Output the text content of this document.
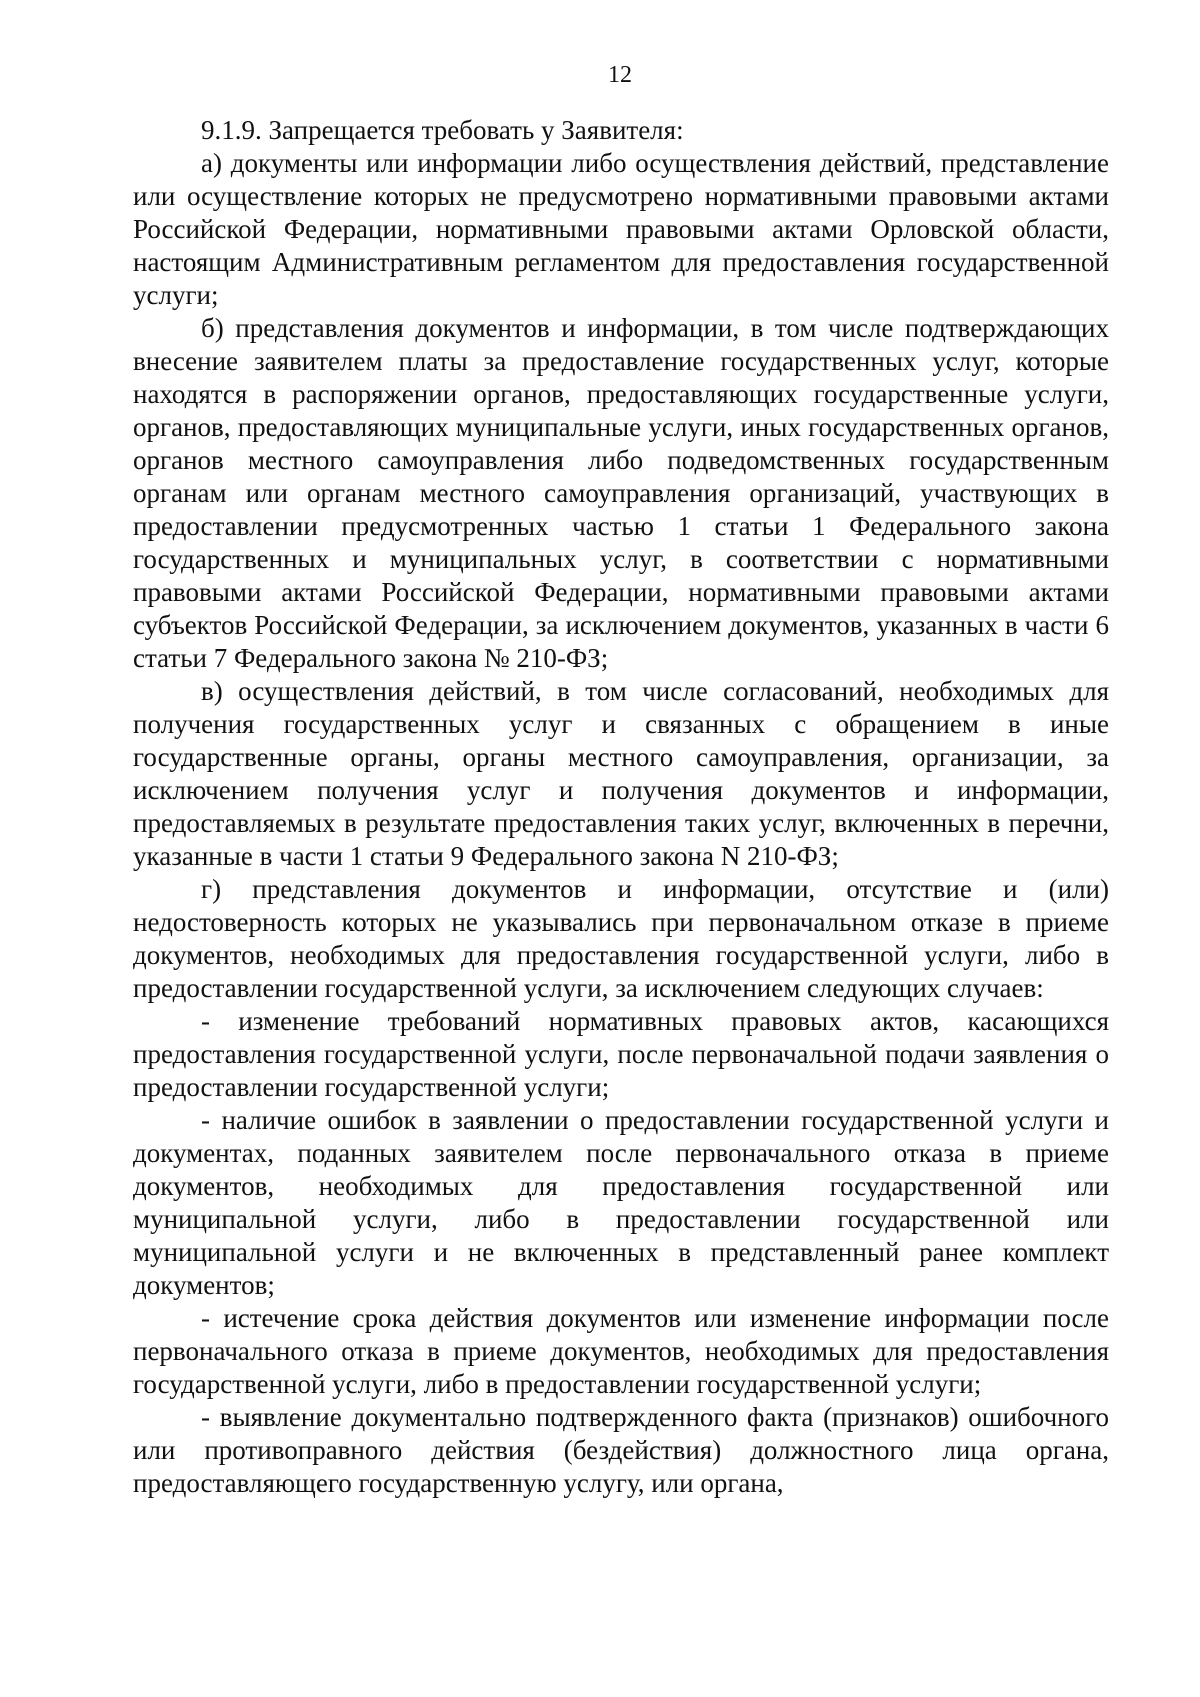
12

9.1.9. Запрещается требовать у Заявителя:

а) документы или информации либо осуществления действий, представление или осуществление которых не предусмотрено нормативными правовыми актами Российской Федерации, нормативными правовыми актами Орловской области, настоящим Административным регламентом для предоставления государственной услуги;

б) представления документов и информации, в том числе подтверждающих внесение заявителем платы за предоставление государственных услуг, которые находятся в распоряжении органов, предоставляющих государственные услуги, органов, предоставляющих муниципальные услуги, иных государственных органов, органов местного самоуправления либо подведомственных государственным органам или органам местного самоуправления организаций, участвующих в предоставлении предусмотренных частью 1 статьи 1 Федерального закона государственных и муниципальных услуг, в соответствии с нормативными правовыми актами Российской Федерации, нормативными правовыми актами субъектов Российской Федерации, за исключением документов, указанных в части 6 статьи 7 Федерального закона № 210-ФЗ;

в) осуществления действий, в том числе согласований, необходимых для получения государственных услуг и связанных с обращением в иные государственные органы, органы местного самоуправления, организации, за исключением получения услуг и получения документов и информации, предоставляемых в результате предоставления таких услуг, включенных в перечни, указанные в части 1 статьи 9 Федерального закона N 210-ФЗ;

г) представления документов и информации, отсутствие и (или) недостоверность которых не указывались при первоначальном отказе в приеме документов, необходимых для предоставления государственной услуги, либо в предоставлении государственной услуги, за исключением следующих случаев:

- изменение требований нормативных правовых актов, касающихся предоставления государственной услуги, после первоначальной подачи заявления о предоставлении государственной услуги;

- наличие ошибок в заявлении о предоставлении государственной услуги и документах, поданных заявителем после первоначального отказа в приеме документов, необходимых для предоставления государственной или муниципальной услуги, либо в предоставлении государственной или муниципальной услуги и не включенных в представленный ранее комплект документов;

- истечение срока действия документов или изменение информации после первоначального отказа в приеме документов, необходимых для предоставления государственной услуги, либо в предоставлении государственной услуги;

- выявление документально подтвержденного факта (признаков) ошибочного или противоправного действия (бездействия) должностного лица органа, предоставляющего государственную услугу, или органа,
